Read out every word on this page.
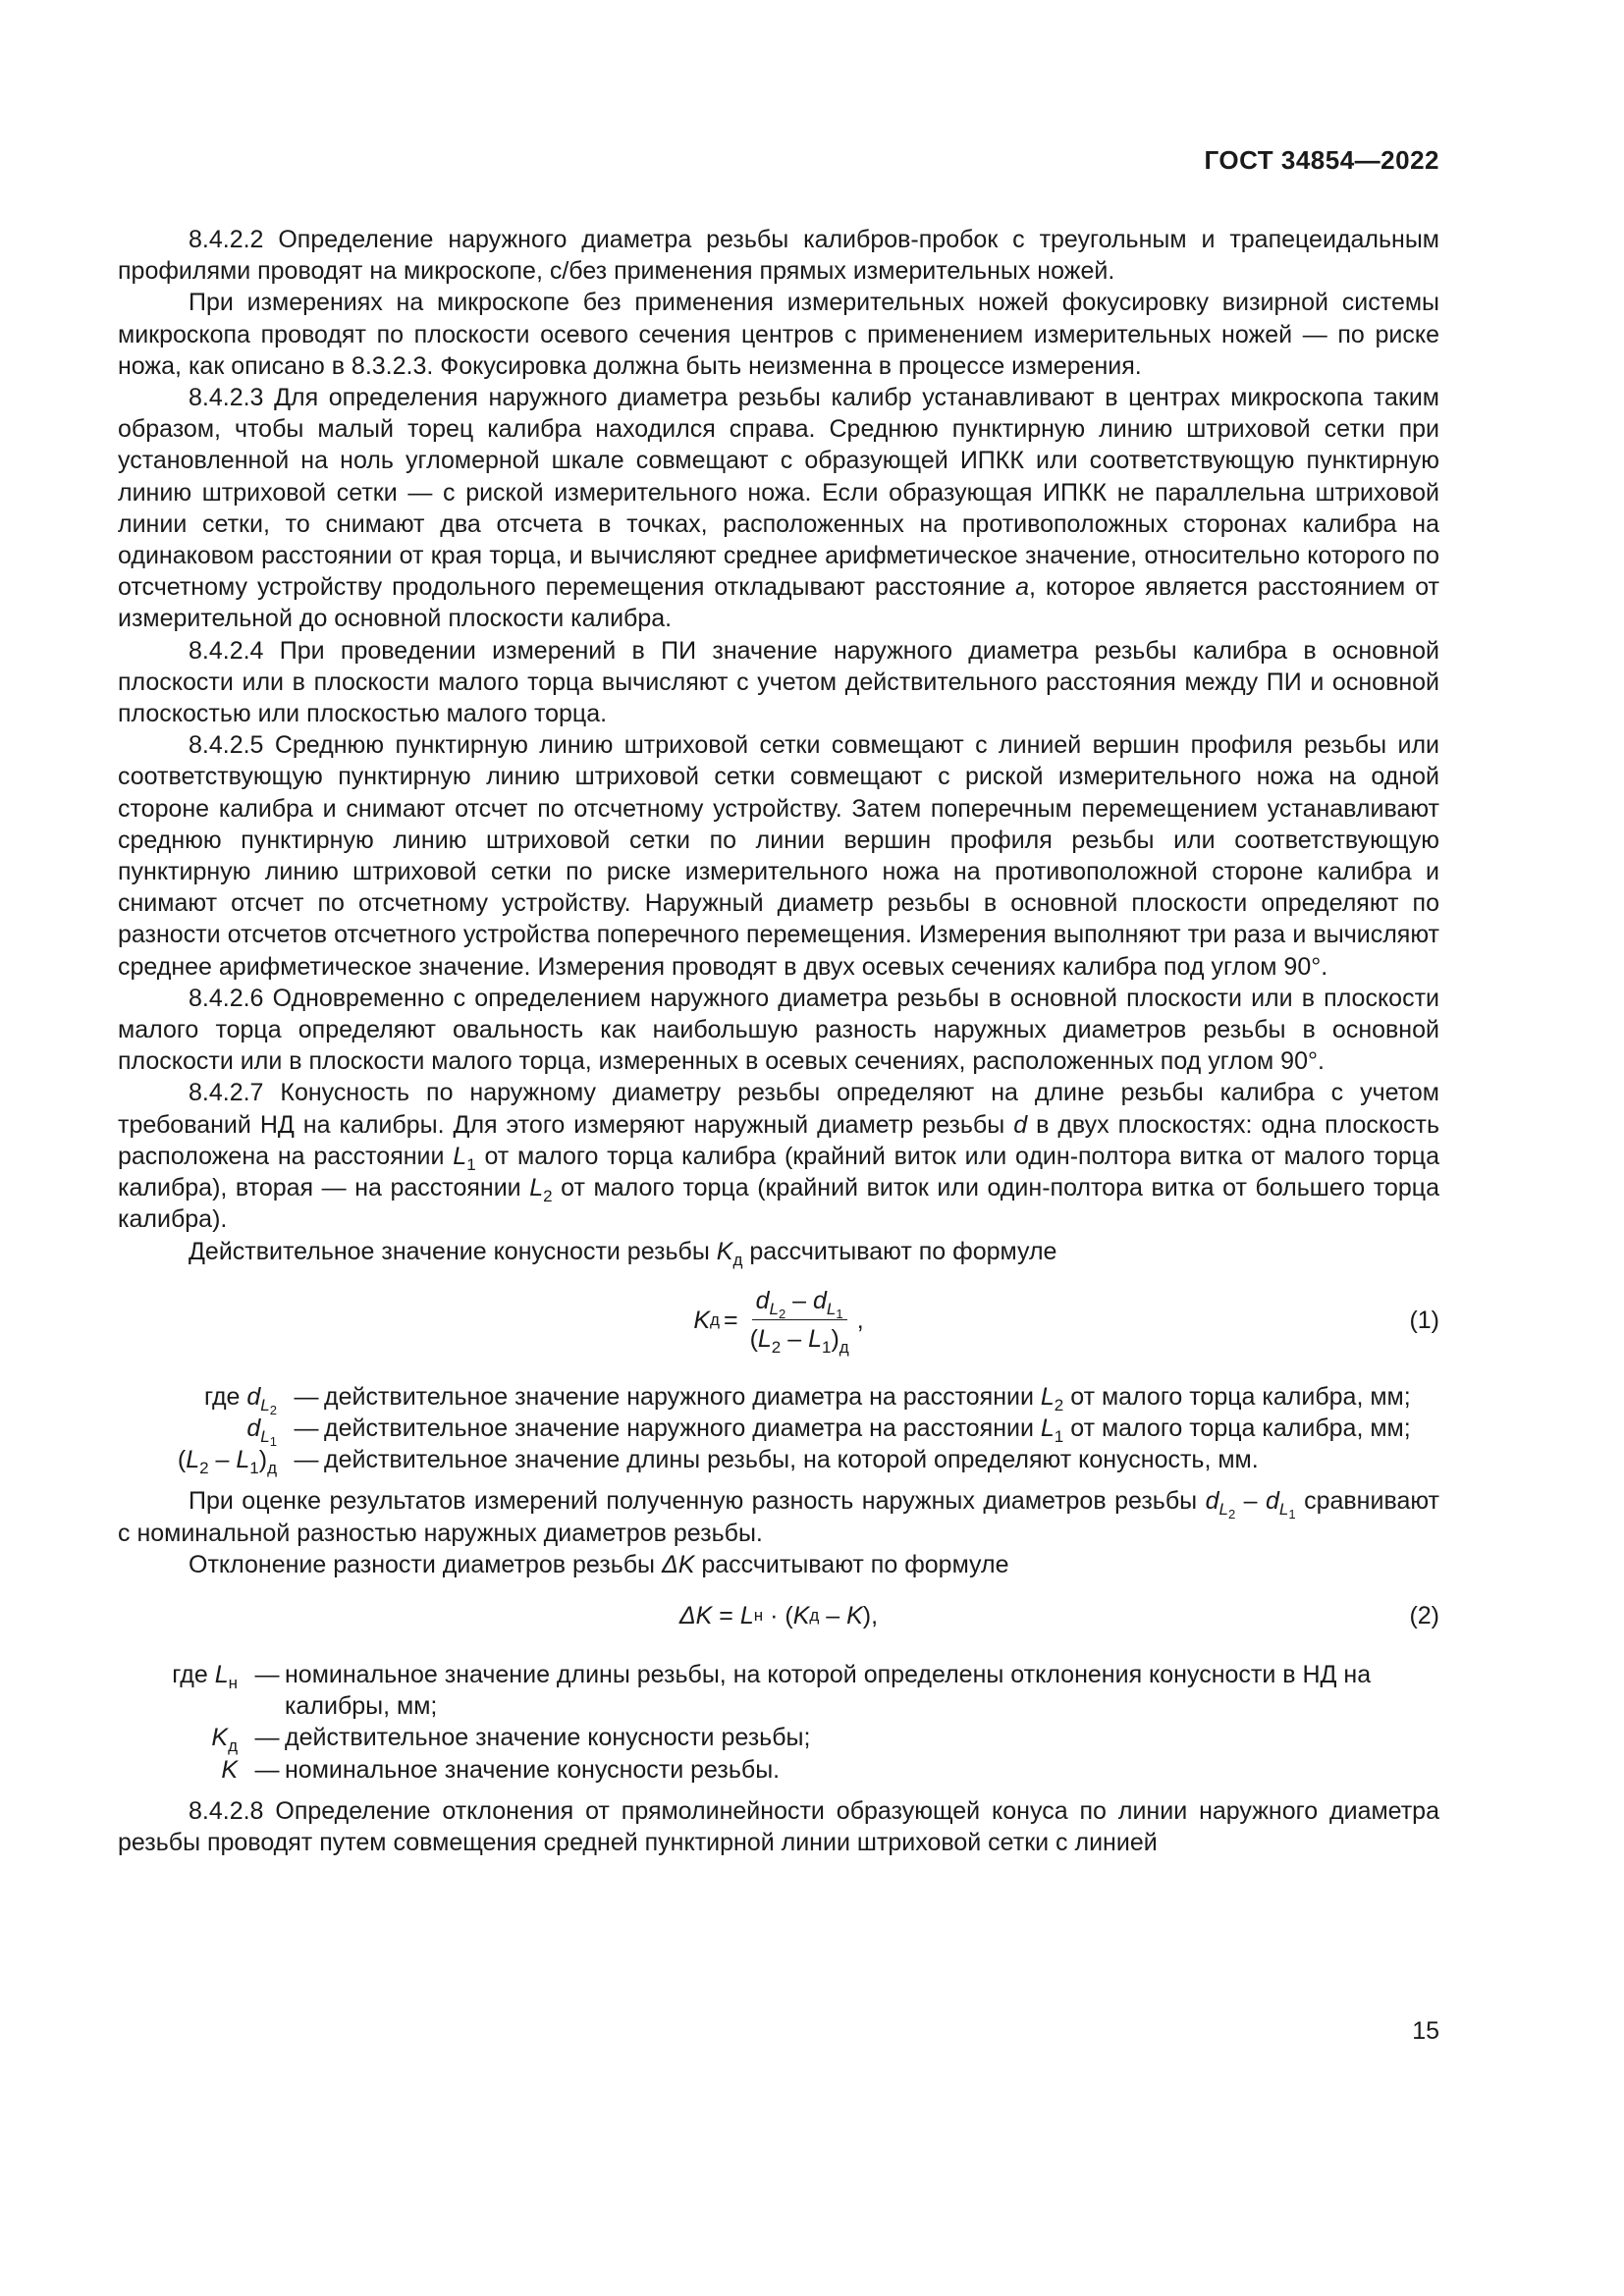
ГОСТ 34854—2022

8.4.2.2 Определение наружного диаметра резьбы калибров-пробок с треугольным и трапецеидальным профилями проводят на микроскопе, с/без применения прямых измерительных ножей.

При измерениях на микроскопе без применения измерительных ножей фокусировку визирной системы микроскопа проводят по плоскости осевого сечения центров с применением измерительных ножей — по риске ножа, как описано в 8.3.2.3. Фокусировка должна быть неизменна в процессе измерения.

8.4.2.3 Для определения наружного диаметра резьбы калибр устанавливают в центрах микроскопа таким образом, чтобы малый торец калибра находился справа. Среднюю пунктирную линию штриховой сетки при установленной на ноль угломерной шкале совмещают с образующей ИПКК или соответствующую пунктирную линию штриховой сетки — с риской измерительного ножа. Если образующая ИПКК не параллельна штриховой линии сетки, то снимают два отсчета в точках, расположенных на противоположных сторонах калибра на одинаковом расстоянии от края торца, и вычисляют среднее арифметическое значение, относительно которого по отсчетному устройству продольного перемещения откладывают расстояние a, которое является расстоянием от измерительной до основной плоскости калибра.

8.4.2.4 При проведении измерений в ПИ значение наружного диаметра резьбы калибра в основной плоскости или в плоскости малого торца вычисляют с учетом действительного расстояния между ПИ и основной плоскостью или плоскостью малого торца.

8.4.2.5 Среднюю пунктирную линию штриховой сетки совмещают с линией вершин профиля резьбы или соответствующую пунктирную линию штриховой сетки совмещают с риской измерительного ножа на одной стороне калибра и снимают отсчет по отсчетному устройству. Затем поперечным перемещением устанавливают среднюю пунктирную линию штриховой сетки по линии вершин профиля резьбы или соответствующую пунктирную линию штриховой сетки по риске измерительного ножа на противоположной стороне калибра и снимают отсчет по отсчетному устройству. Наружный диаметр резьбы в основной плоскости определяют по разности отсчетов отсчетного устройства поперечного перемещения. Измерения выполняют три раза и вычисляют среднее арифметическое значение. Измерения проводят в двух осевых сечениях калибра под углом 90°.

8.4.2.6 Одновременно с определением наружного диаметра резьбы в основной плоскости или в плоскости малого торца определяют овальность как наибольшую разность наружных диаметров резьбы в основной плоскости или в плоскости малого торца, измеренных в осевых сечениях, расположенных под углом 90°.

8.4.2.7 Конусность по наружному диаметру резьбы определяют на длине резьбы калибра с учетом требований НД на калибры. Для этого измеряют наружный диаметр резьбы d в двух плоскостях: одна плоскость расположена на расстоянии $L_1$ от малого торца калибра (крайний виток или один-полтора витка от малого торца калибра), вторая — на расстоянии $L_2$ от малого торца (крайний виток или один-полтора витка от большего торца калибра).

Действительное значение конусности резьбы $K_д$ рассчитывают по формуле

K $д = \frac{d_{L_2} - d_{L_1}}{(L_2 - L_1)_д}$ ,	(1)
где $d_{L_2}$ — действительное значение наружного диаметра на расстоянии $L_2$ от малого торца калибра, мм;
$d_{L_1}$ — действительное значение наружного диаметра на расстоянии $L_1$ от малого торца калибра, мм;
$(L_2 - L_1)_д$ — действительное значение длины резьбы, на которой определяют конусность, мм.

При оценке результатов измерений полученную разность наружных диаметров резьбы $d_{L_2} - d_{L_1}$ сравнивают с номинальной разностью наружных диаметров резьбы.

Отклонение разности диаметров резьбы ΔK рассчитывают по формуле

ΔK = L н · ( K д – K ),	(2)
где $L_н$ — номинальное значение длины резьбы, на которой определены отклонения конусности в НД на калибры, мм;
$K_д$ — действительное значение конусности резьбы;
K — номинальное значение конусности резьбы.

8.4.2.8 Определение отклонения от прямолинейности образующей конуса по линии наружного диаметра резьбы проводят путем совмещения средней пунктирной линии штриховой сетки с линией

15
